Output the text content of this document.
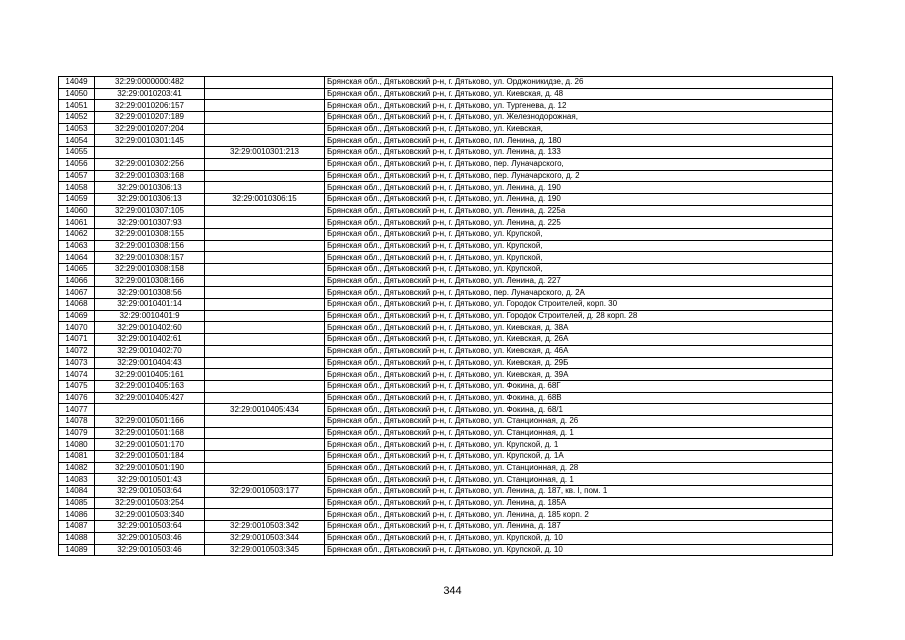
14049	32:29:0000000:482		Брянская обл., Дятьковский р-н, г. Дятьково, ул. Орджоникидзе, д. 26
14050	32:29:0010203:41		Брянская обл., Дятьковский р-н, г. Дятьково, ул. Киевская, д. 48
14051	32:29:0010206:157		Брянская обл., Дятьковский р-н, г. Дятьково, ул. Тургенева, д. 12
14052	32:29:0010207:189		Брянская обл., Дятьковский р-н, г. Дятьково, ул. Железнодорожная,
14053	32:29:0010207:204		Брянская обл., Дятьковский р-н, г. Дятьково, ул. Киевская,
14054	32:29:0010301:145		Брянская обл., Дятьковский р-н, г. Дятьково, пл. Ленина, д. 180
14055		32:29:0010301:213	Брянская обл., Дятьковский р-н, г. Дятьково, ул. Ленина, д. 133
14056	32:29:0010302:256		Брянская обл., Дятьковский р-н, г. Дятьково, пер. Луначарского,
14057	32:29:0010303:168		Брянская обл., Дятьковский р-н, г. Дятьково, пер. Луначарского, д. 2
14058	32:29:0010306:13		Брянская обл., Дятьковский р-н, г. Дятьково, ул. Ленина, д. 190
14059	32:29:0010306:13	32:29:0010306:15	Брянская обл., Дятьковский р-н, г. Дятьково, ул. Ленина, д. 190
14060	32:29:0010307:105		Брянская обл., Дятьковский р-н, г. Дятьково, ул. Ленина, д. 225а
14061	32:29:0010307:93		Брянская обл., Дятьковский р-н, г. Дятьково, ул. Ленина, д. 225
14062	32:29:0010308:155		Брянская обл., Дятьковский р-н, г. Дятьково, ул. Крупской,
14063	32:29:0010308:156		Брянская обл., Дятьковский р-н, г. Дятьково, ул. Крупской,
14064	32:29:0010308:157		Брянская обл., Дятьковский р-н, г. Дятьково, ул. Крупской,
14065	32:29:0010308:158		Брянская обл., Дятьковский р-н, г. Дятьково, ул. Крупской,
14066	32:29:0010308:166		Брянская обл., Дятьковский р-н, г. Дятьково, ул. Ленина, д. 227
14067	32:29:0010308:56		Брянская обл., Дятьковский р-н, г. Дятьково, пер. Луначарского, д. 2А
14068	32:29:0010401:14		Брянская обл., Дятьковский р-н, г. Дятьково, ул. Городок Строителей, корп. 30
14069	32:29:0010401:9		Брянская обл., Дятьковский р-н, г. Дятьково, ул. Городок Строителей, д. 28 корп. 28
14070	32:29:0010402:60		Брянская обл., Дятьковский р-н, г. Дятьково, ул. Киевская, д. 38А
14071	32:29:0010402:61		Брянская обл., Дятьковский р-н, г. Дятьково, ул. Киевская, д. 26А
14072	32:29:0010402:70		Брянская обл., Дятьковский р-н, г. Дятьково, ул. Киевская, д. 46А
14073	32:29:0010404:43		Брянская обл., Дятьковский р-н, г. Дятьково, ул. Киевская, д. 29Б
14074	32:29:0010405:161		Брянская обл., Дятьковский р-н, г. Дятьково, ул. Киевская, д. 39А
14075	32:29:0010405:163		Брянская обл., Дятьковский р-н, г. Дятьково, ул. Фокина, д. 68Г
14076	32:29:0010405:427		Брянская обл., Дятьковский р-н, г. Дятьково, ул. Фокина, д. 68В
14077		32:29:0010405:434	Брянская обл., Дятьковский р-н, г. Дятьково, ул. Фокина, д. 68/1
14078	32:29:0010501:166		Брянская обл., Дятьковский р-н, г. Дятьково, ул. Станционная, д. 26
14079	32:29:0010501:168		Брянская обл., Дятьковский р-н, г. Дятьково, ул. Станционная, д. 1
14080	32:29:0010501:170		Брянская обл., Дятьковский р-н, г. Дятьково, ул. Крупской, д. 1
14081	32:29:0010501:184		Брянская обл., Дятьковский р-н, г. Дятьково, ул. Крупской, д. 1А
14082	32:29:0010501:190		Брянская обл., Дятьковский р-н, г. Дятьково, ул. Станционная, д. 28
14083	32:29:0010501:43		Брянская обл., Дятьковский р-н, г. Дятьково, ул. Станционная, д. 1
14084	32:29:0010503:64	32:29:0010503:177	Брянская обл., Дятьковский р-н, г. Дятьково, ул. Ленина, д. 187, кв. I, пом. 1
14085	32:29:0010503:254		Брянская обл., Дятьковский р-н, г. Дятьково, ул. Ленина, д. 185А
14086	32:29:0010503:340		Брянская обл., Дятьковский р-н, г. Дятьково, ул. Ленина, д. 185 корп. 2
14087	32:29:0010503:64	32:29:0010503:342	Брянская обл., Дятьковский р-н, г. Дятьково, ул. Ленина, д. 187
14088	32:29:0010503:46	32:29:0010503:344	Брянская обл., Дятьковский р-н, г. Дятьково, ул. Крупской, д. 10
14089	32:29:0010503:46	32:29:0010503:345	Брянская обл., Дятьковский р-н, г. Дятьково, ул. Крупской, д. 10
344
